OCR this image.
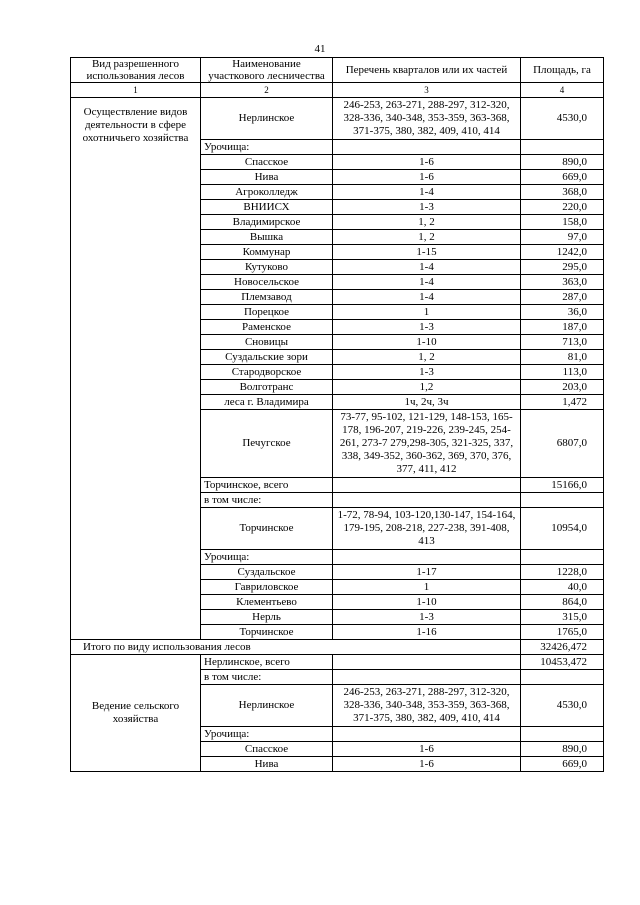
41
Вид разрешенного использования лесов	Наименование участкового лесничества	Перечень кварталов или их частей	Площадь, га
1	2	3	4
Осуществление видов деятельности в сфере охотничьего хозяйства	Нерлинское	246-253, 263-271, 288-297, 312-320, 328-336, 340-348, 353-359, 363-368, 371-375, 380, 382, 409, 410, 414	4530,0
	Урочища:		
	Спасское	1-6	890,0
	Нива	1-6	669,0
	Агроколледж	1-4	368,0
	ВНИИСХ	1-3	220,0
	Владимирское	1, 2	158,0
	Вышка	1, 2	97,0
	Коммунар	1-15	1242,0
	Кутуково	1-4	295,0
	Новосельское	1-4	363,0
	Племзавод	1-4	287,0
	Порецкое	1	36,0
	Раменское	1-3	187,0
	Сновицы	1-10	713,0
	Суздальские зори	1, 2	81,0
	Стародворское	1-3	113,0
	Волготранс	1,2	203,0
	леса г. Владимира	1ч, 2ч, 3ч	1,472
	Печугское	73-77, 95-102, 121-129, 148-153, 165-178, 196-207, 219-226, 239-245, 254-261, 273-7 279,298-305, 321-325, 337, 338, 349-352, 360-362, 369, 370, 376, 377, 411, 412	6807,0
	Торчинское, всего		15166,0
	в том числе:		
	Торчинское	1-72, 78-94, 103-120,130-147, 154-164, 179-195, 208-218, 227-238, 391-408, 413	10954,0
	Урочища:		
	Суздальское	1-17	1228,0
	Гавриловское	1	40,0
	Клементьево	1-10	864,0
	Нерль	1-3	315,0
	Торчинское	1-16	1765,0
Итого по виду использования лесов			32426,472
Ведение сельского хозяйства	Нерлинское, всего		10453,472
	в том числе:		
	Нерлинское	246-253, 263-271, 288-297, 312-320, 328-336, 340-348, 353-359, 363-368, 371-375, 380, 382, 409, 410, 414	4530,0
	Урочища:		
	Спасское	1-6	890,0
	Нива	1-6	669,0
